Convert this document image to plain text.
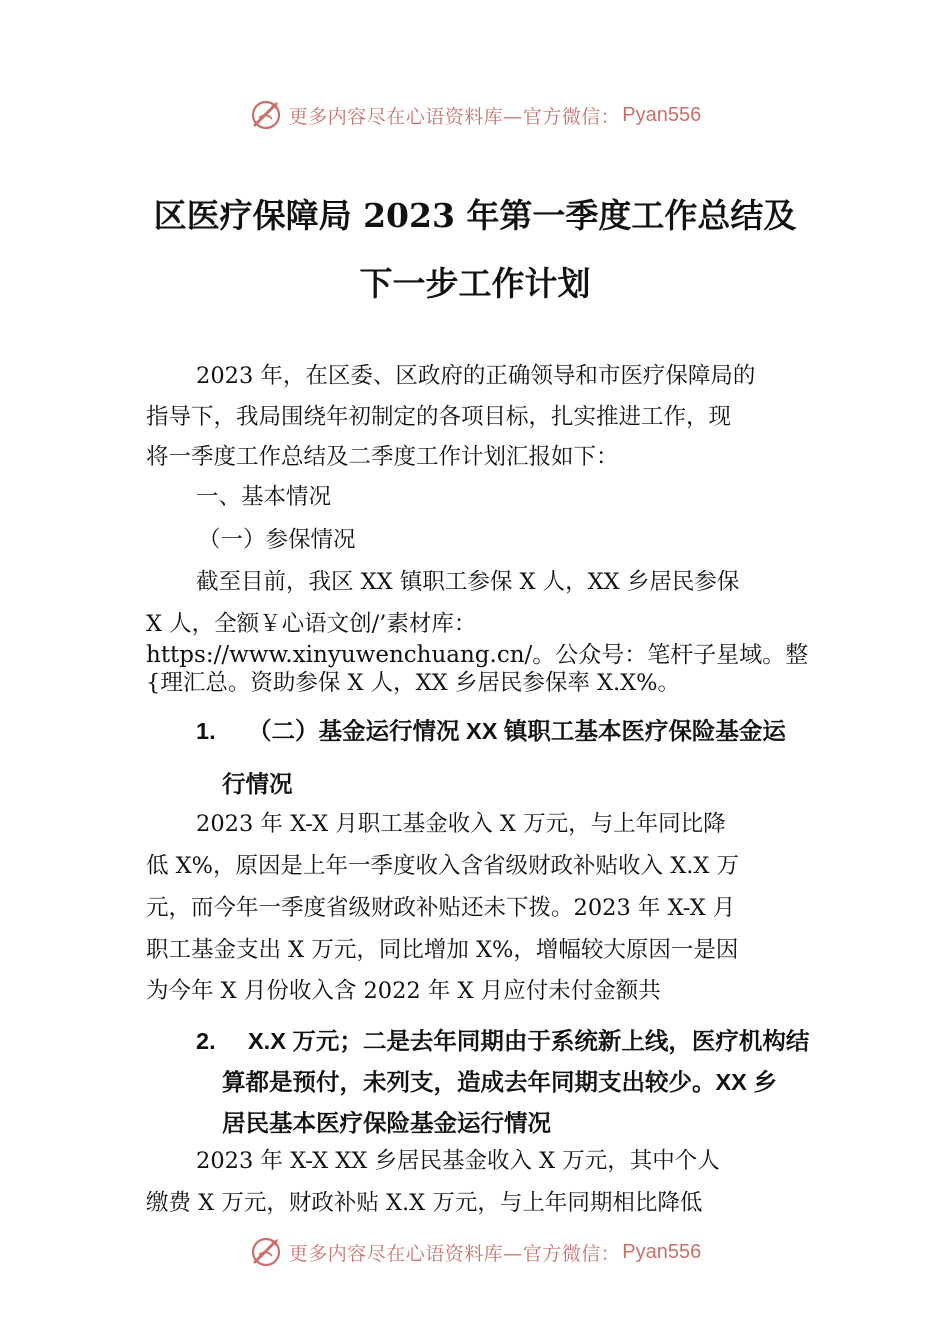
更多内容尽在心语资料库—官方微信： Pyan556
区医疗保障局 2023 年第一季度工作总结及
下一步工作计划
2023 年，在区委、区政府的正确领导和市医疗保障局的
指导下，我局围绕年初制定的各项目标，扎实推进工作，现
将一季度工作总结及二季度工作计划汇报如下：
一、基本情况
（一）参保情况
截至目前，我区 XX 镇职工参保 X 人，XX 乡居民参保
X 人，全额￥心语文创/’素材库：
https://www.xinyuwenchuang.cn/。公众号：笔杆子星域。整
{理汇总。资助参保 X 人，XX 乡居民参保率 X.X%。
1. （二）基金运行情况 XX 镇职工基本医疗保险基金运
行情况
2023 年 X-X 月职工基金收入 X 万元，与上年同比降
低 X%，原因是上年一季度收入含省级财政补贴收入 X.X 万
元，而今年一季度省级财政补贴还未下拨。2023 年 X-X 月
职工基金支出 X 万元，同比增加 X%，增幅较大原因一是因
为今年 X 月份收入含 2022 年 X 月应付未付金额共
2. X.X 万元；二是去年同期由于系统新上线，医疗机构结
算都是预付，未列支，造成去年同期支出较少。XX 乡
居民基本医疗保险基金运行情况
2023 年 X-X XX 乡居民基金收入 X 万元，其中个人
缴费 X 万元，财政补贴 X.X 万元，与上年同期相比降低
更多内容尽在心语资料库—官方微信： Pyan556
